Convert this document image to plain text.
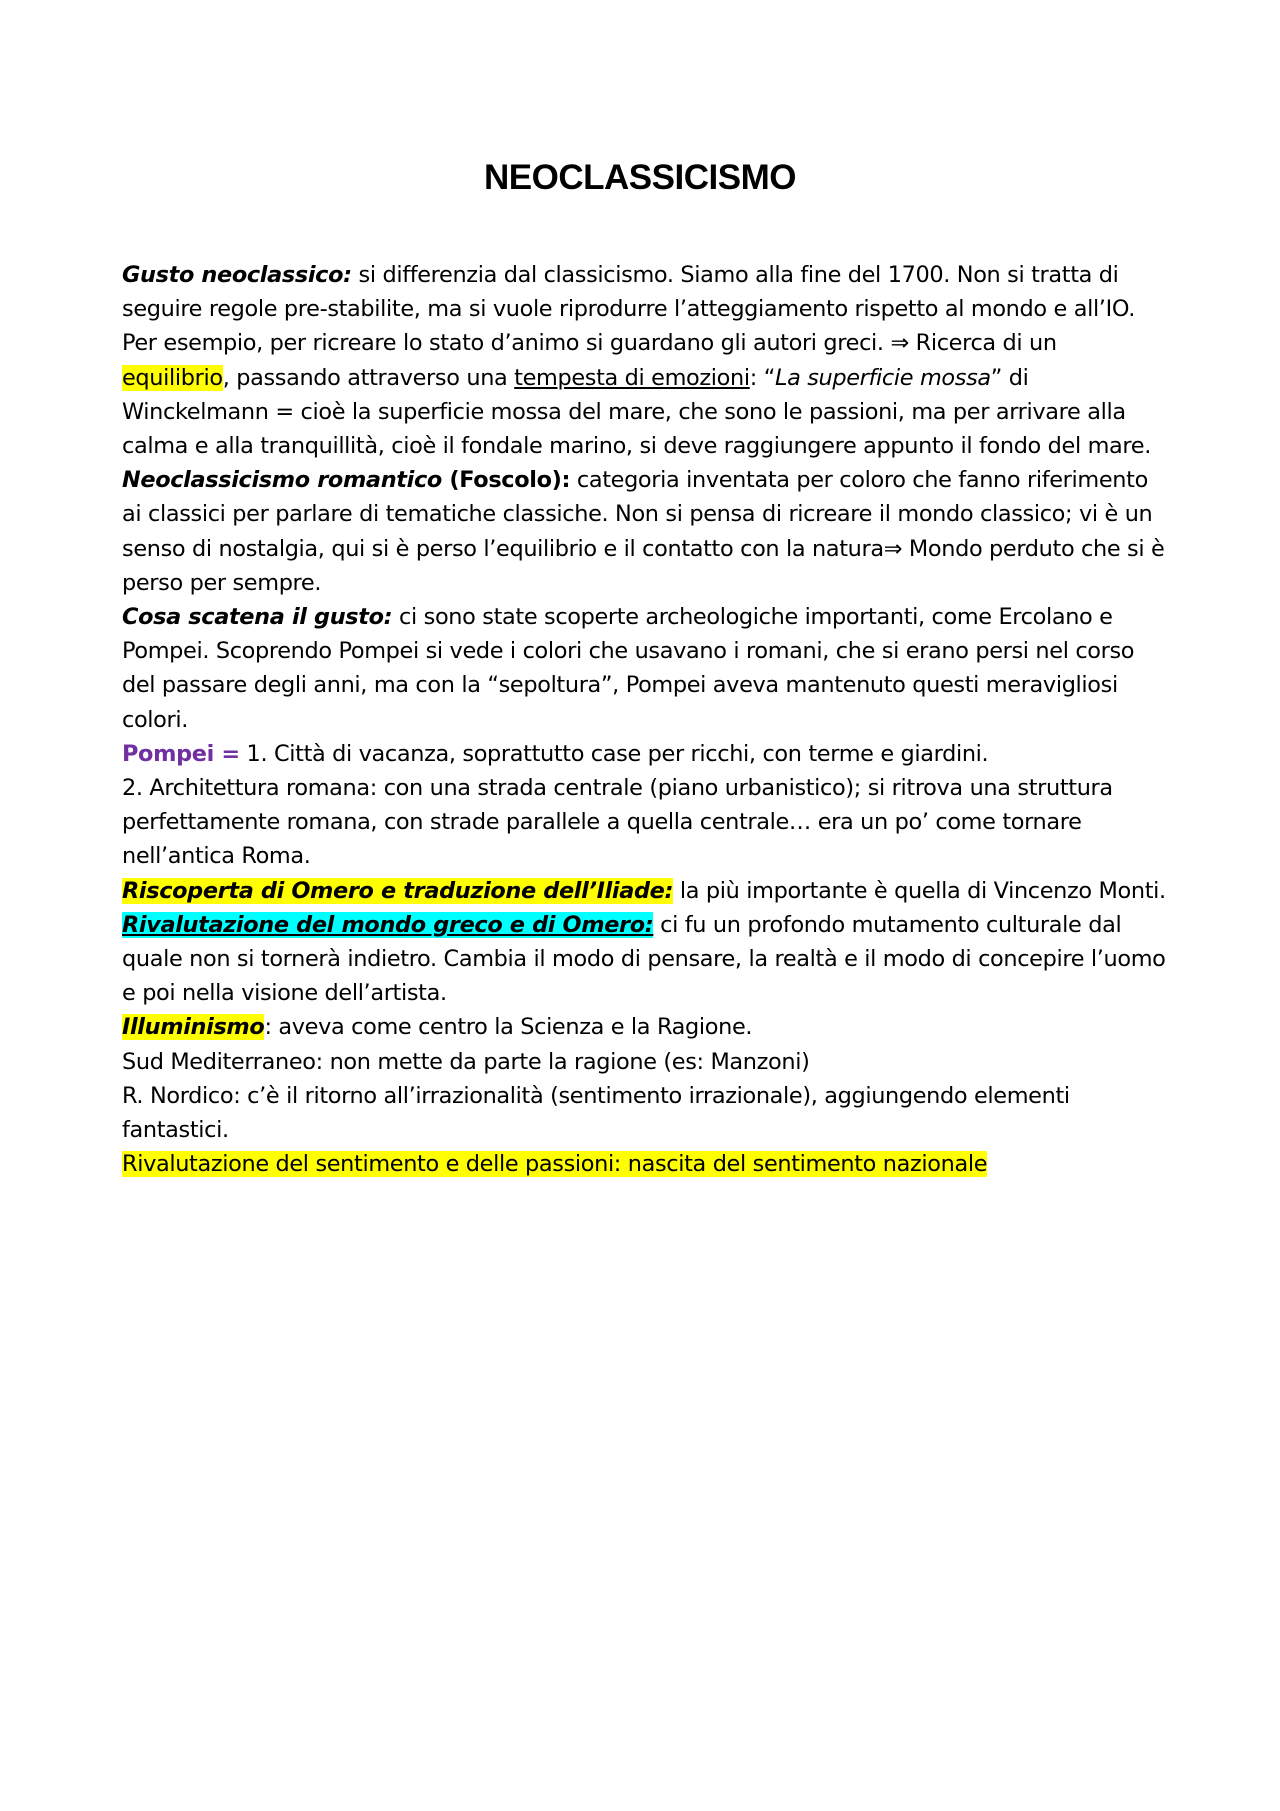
NEOCLASSICISMO

Gusto neoclassico: si differenzia dal classicismo. Siamo alla fine del 1700. Non si tratta di seguire regole pre-stabilite, ma si vuole riprodurre l’atteggiamento rispetto al mondo e all’IO. Per esempio, per ricreare lo stato d’animo si guardano gli autori greci. ⇒ Ricerca di un equilibrio, passando attraverso una tempesta di emozioni: “La superficie mossa” di Winckelmann = cioè la superficie mossa del mare, che sono le passioni, ma per arrivare alla calma e alla tranquillità, cioè il fondale marino, si deve raggiungere appunto il fondo del mare.

Neoclassicismo romantico (Foscolo): categoria inventata per coloro che fanno riferimento ai classici per parlare di tematiche classiche. Non si pensa di ricreare il mondo classico; vi è un senso di nostalgia, qui si è perso l’equilibrio e il contatto con la natura⇒ Mondo perduto che si è perso per sempre.

Cosa scatena il gusto: ci sono state scoperte archeologiche importanti, come Ercolano e Pompei. Scoprendo Pompei si vede i colori che usavano i romani, che si erano persi nel corso del passare degli anni, ma con la “sepoltura”, Pompei aveva mantenuto questi meravigliosi colori.

Pompei = 1. Città di vacanza, soprattutto case per ricchi, con terme e giardini.

2. Architettura romana: con una strada centrale (piano urbanistico); si ritrova una struttura perfettamente romana, con strade parallele a quella centrale… era un po’ come tornare nell’antica Roma.

Riscoperta di Omero e traduzione dell’Iliade: la più importante è quella di Vincenzo Monti.

Rivalutazione del mondo greco e di Omero: ci fu un profondo mutamento culturale dal quale non si tornerà indietro. Cambia il modo di pensare, la realtà e il modo di concepire l’uomo e poi nella visione dell’artista.

Illuminismo: aveva come centro la Scienza e la Ragione.

Sud Mediterraneo: non mette da parte la ragione (es: Manzoni)

R. Nordico: c’è il ritorno all’irrazionalità (sentimento irrazionale), aggiungendo elementi fantastici.

Rivalutazione del sentimento e delle passioni: nascita del sentimento nazionale
